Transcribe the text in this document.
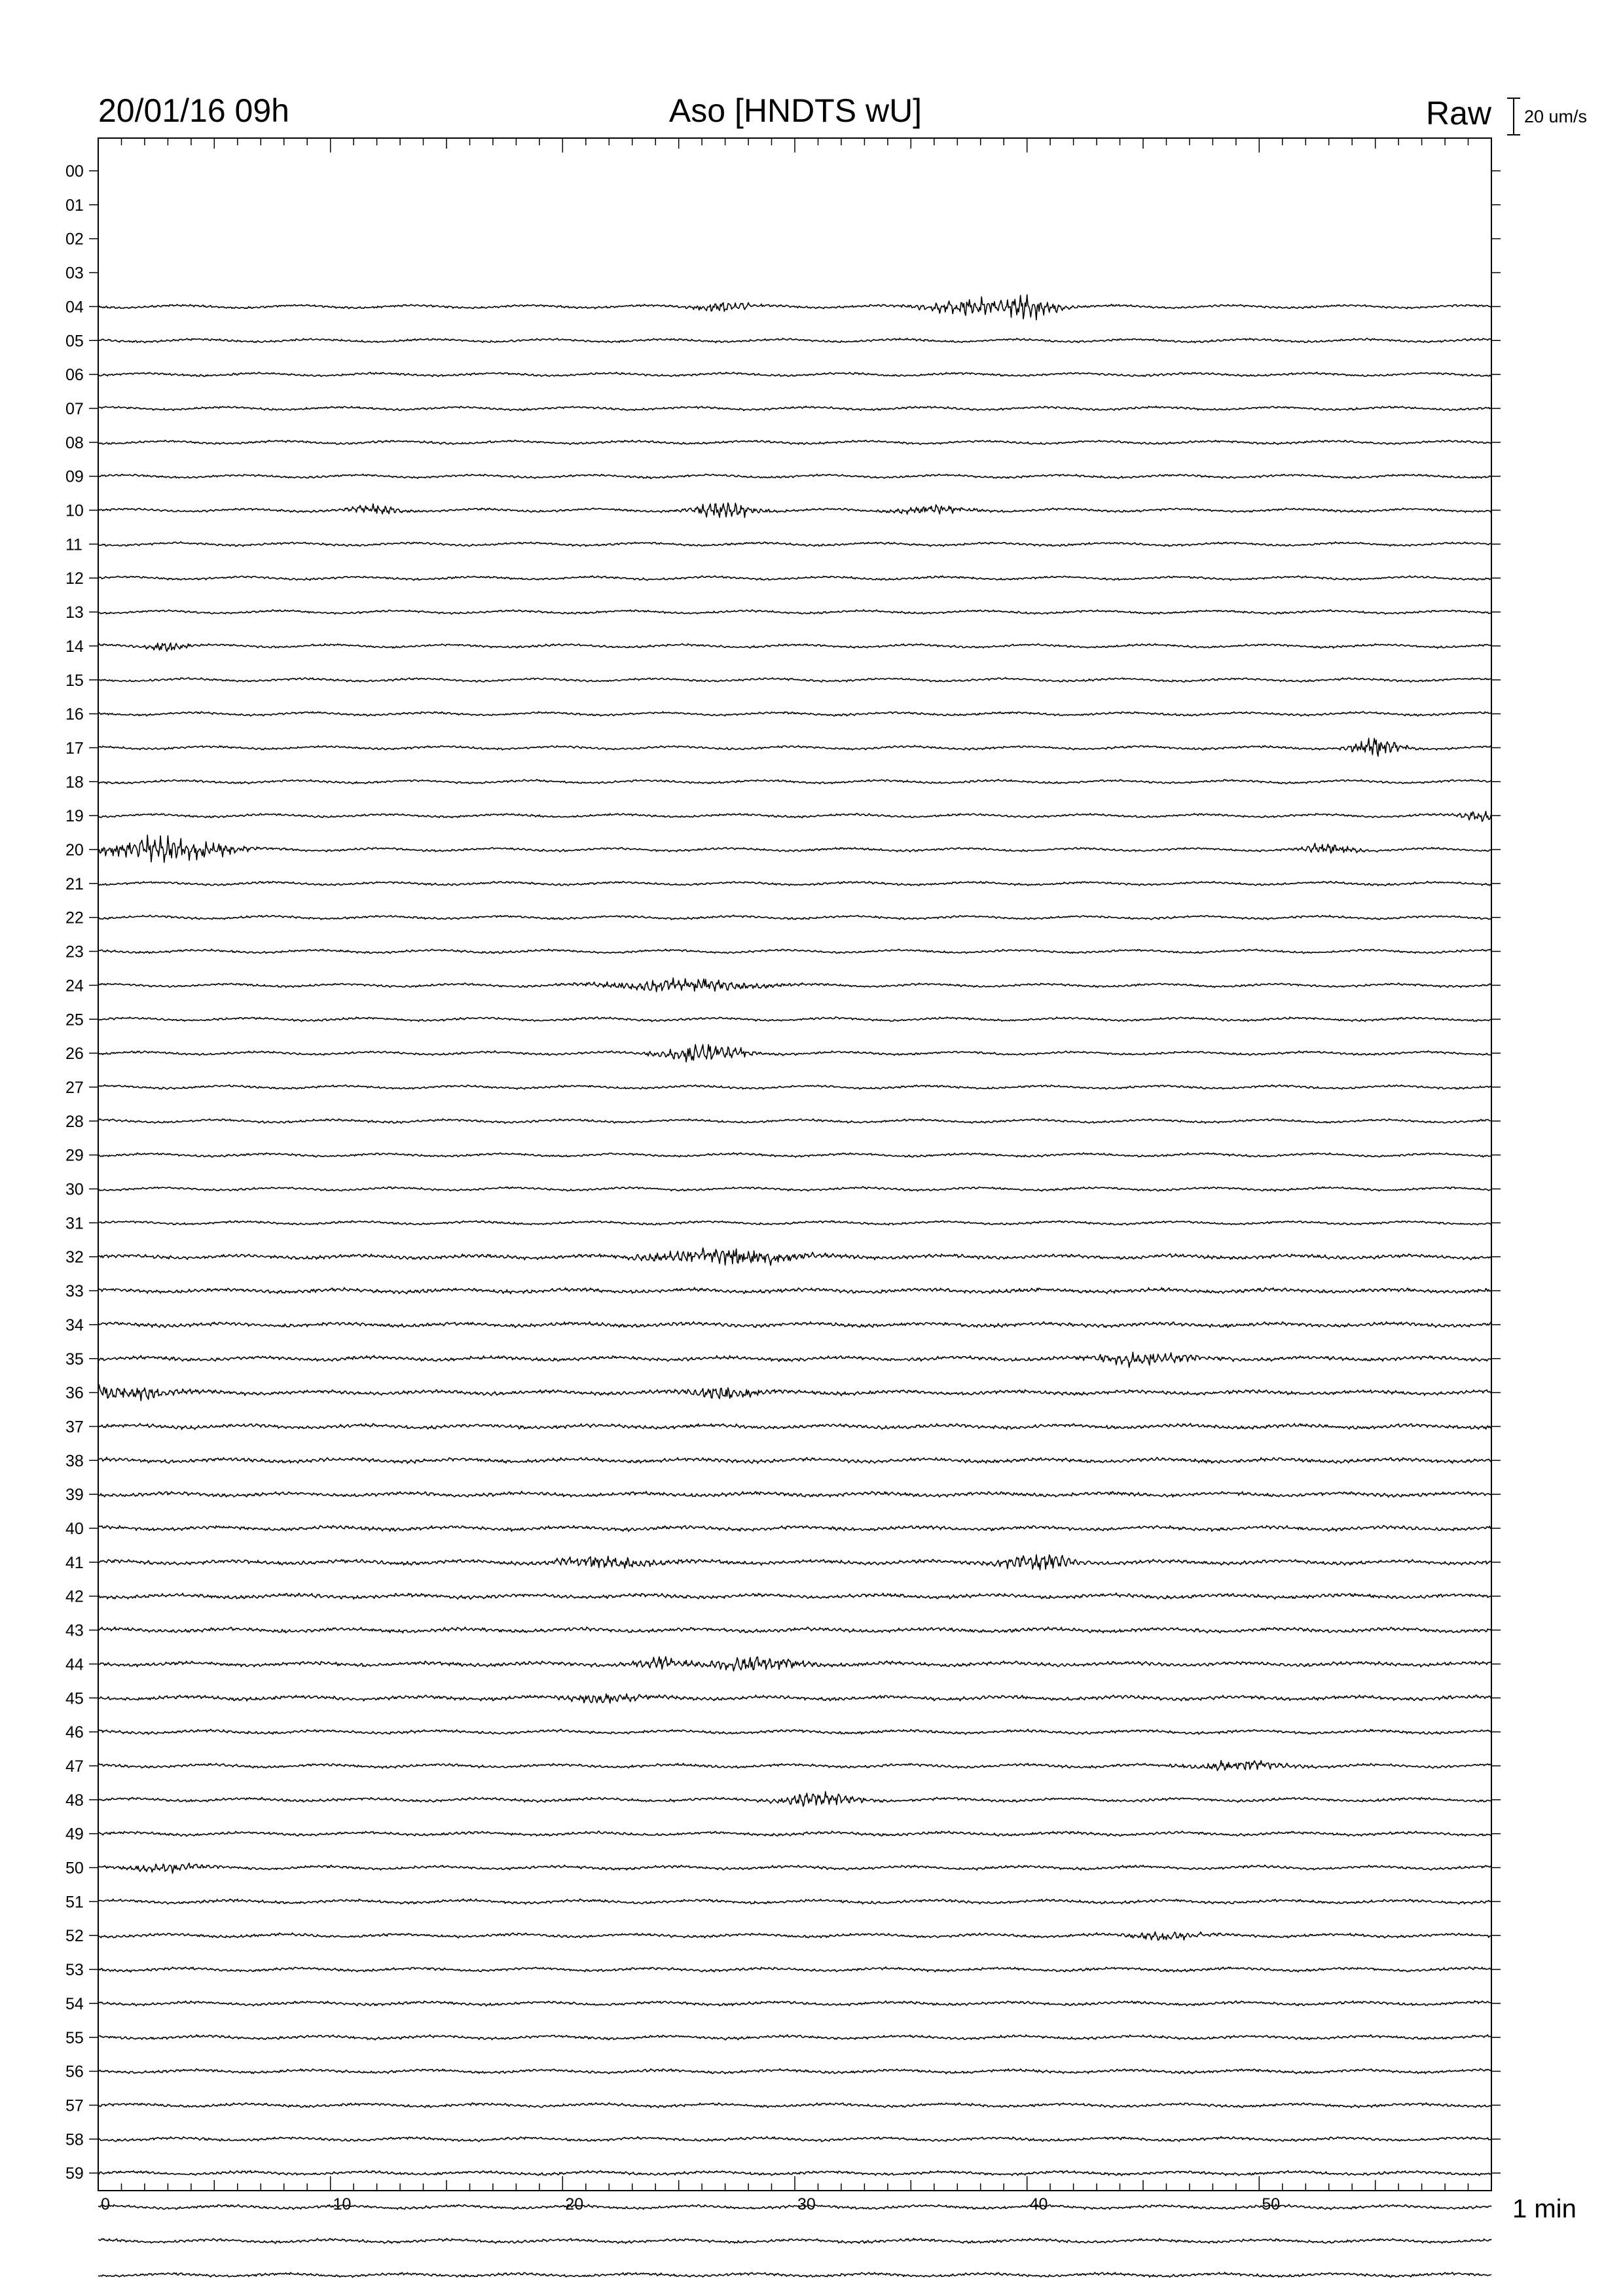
20/01/16 09h	Aso [HNDTS wU]	Raw 20 um/s
00
01
02
03
04
05
06
07
08
09
10
11
12
13
14
15
16
17
18
19
20
21
22
23
24
25
26
27
28
29
30
31
32
33
34
35
36
37
38
39
40
41
42
43
44
45
46
47
48
49
50
51
52
53
54
55
56
57
58
59
0	10	20	30	40	50	1 min
